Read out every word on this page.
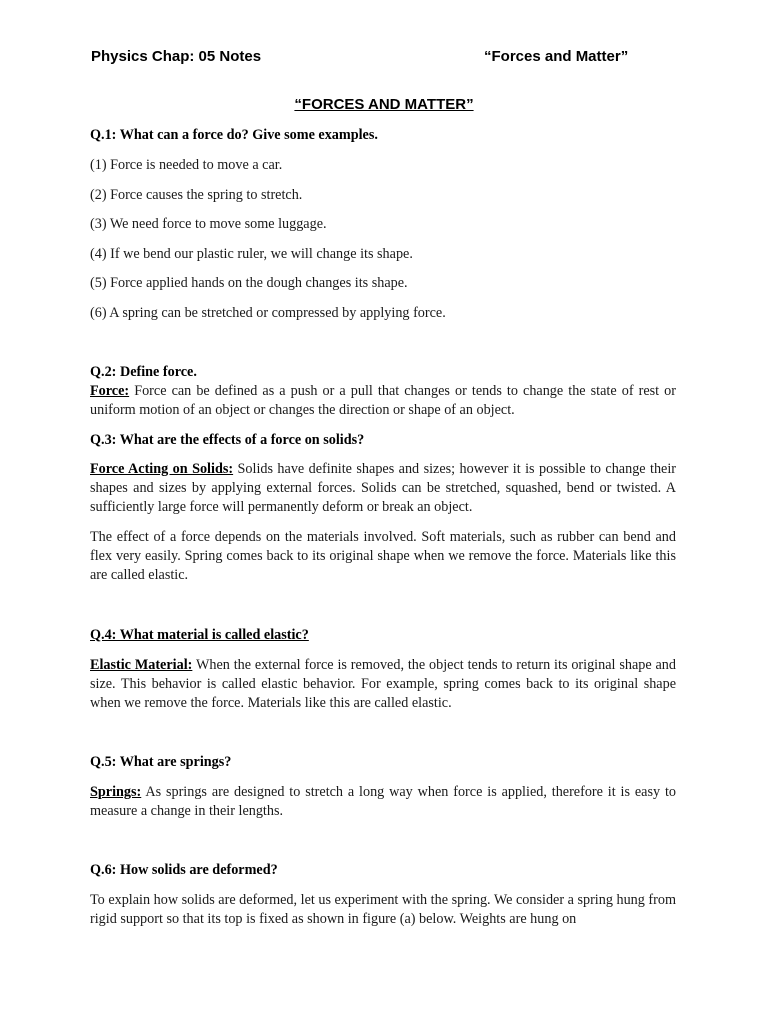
Physics Chap: 05 Notes	“Forces and Matter”
“FORCES AND MATTER”

Q.1: What can a force do? Give some examples.

(1) Force is needed to move a car.

(2) Force causes the spring to stretch.

(3) We need force to move some luggage.

(4) If we bend our plastic ruler, we will change its shape.

(5) Force applied hands on the dough changes its shape.

(6) A spring can be stretched or compressed by applying force.

Q.2: Define force.

Force: Force can be defined as a push or a pull that changes or tends to change the state of rest or uniform motion of an object or changes the direction or shape of an object.

Q.3: What are the effects of a force on solids?

Force Acting on Solids: Solids have definite shapes and sizes; however it is possible to change their shapes and sizes by applying external forces. Solids can be stretched, squashed, bend or twisted. A sufficiently large force will permanently deform or break an object.

The effect of a force depends on the materials involved. Soft materials, such as rubber can bend and flex very easily. Spring comes back to its original shape when we remove the force. Materials like this are called elastic.

Q.4: What material is called elastic?

Elastic Material: When the external force is removed, the object tends to return its original shape and size. This behavior is called elastic behavior. For example, spring comes back to its original shape when we remove the force. Materials like this are called elastic.

Q.5: What are springs?

Springs: As springs are designed to stretch a long way when force is applied, therefore it is easy to measure a change in their lengths.

Q.6: How solids are deformed?

To explain how solids are deformed, let us experiment with the spring. We consider a spring hung from rigid support so that its top is fixed as shown in figure (a) below. Weights are hung on
